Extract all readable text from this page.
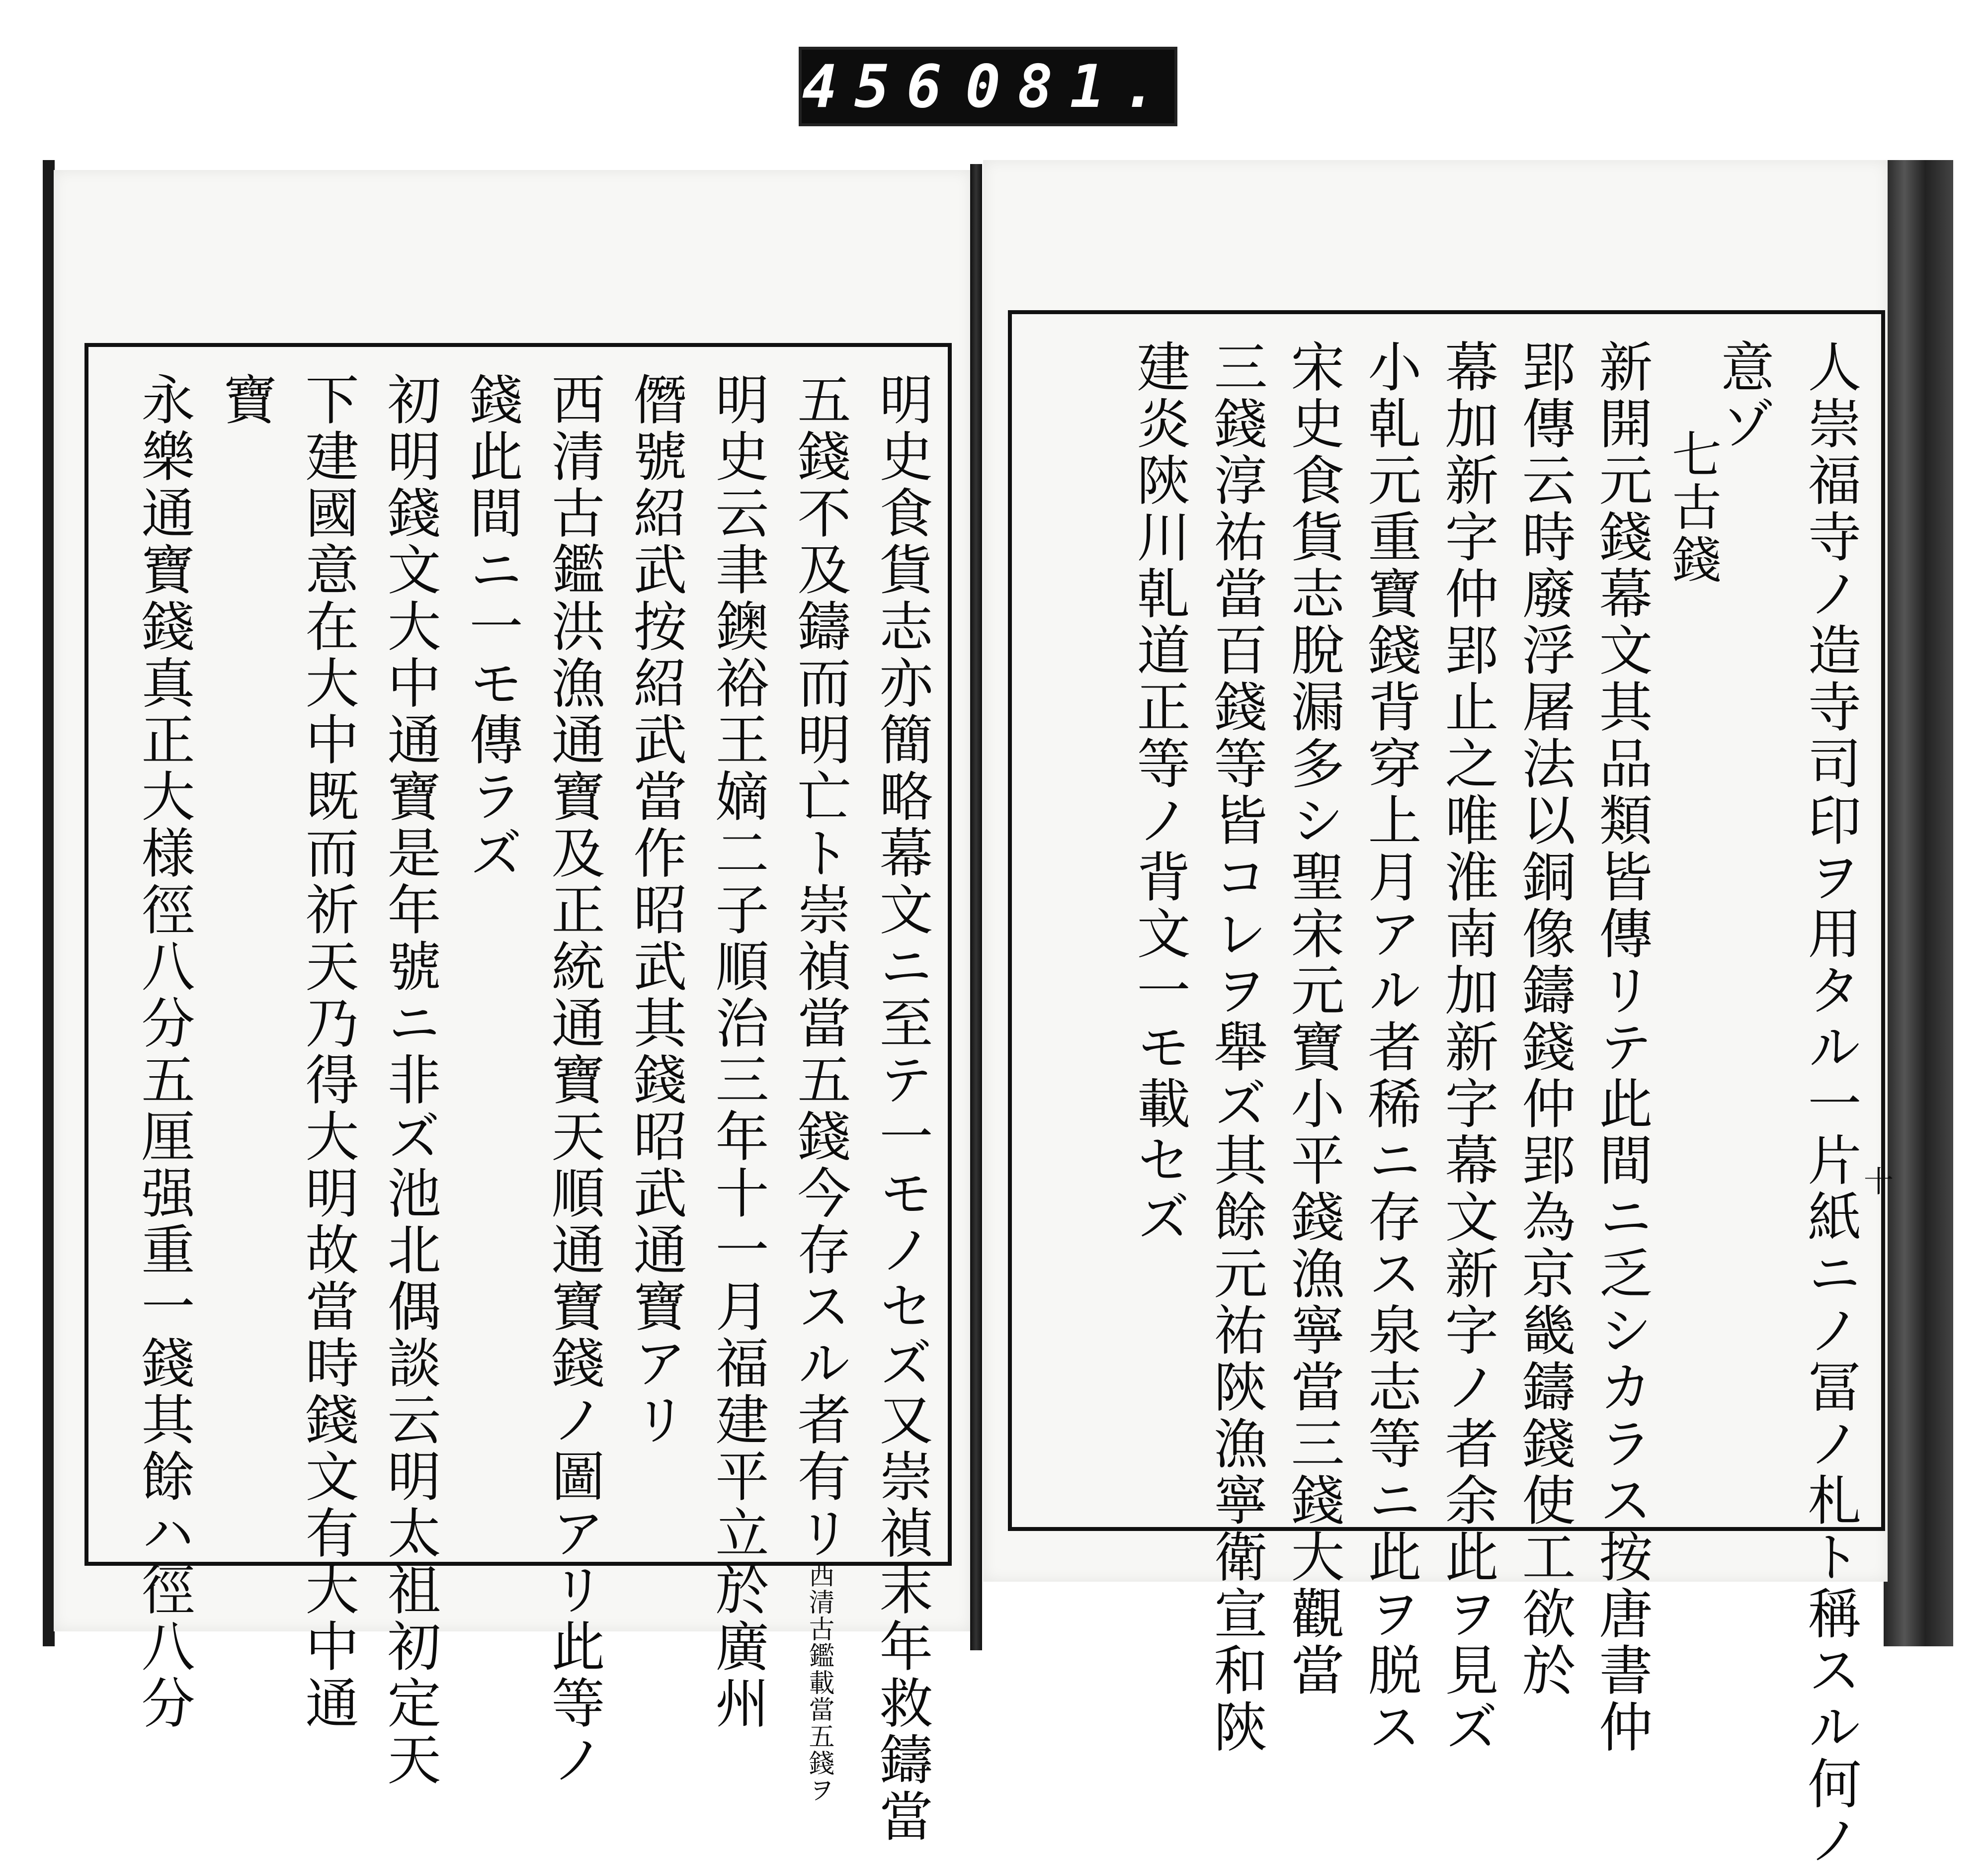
456 081.
明史食貨志亦簡略幕文ニ至テ一モノセズ又崇禎末年救鑄當
五錢不及鑄而明亡ト崇禎當五錢今存スル者有リ西清古鑑載當五錢ヲ
明史云聿鐭裕王嫡二子順治三年十一月福建平立於廣州
僭號紹武按紹武當作昭武其錢昭武通寶アリ
西清古鑑洪漁通寶及正統通寶天順通寶錢ノ圖アリ此等ノ
錢此間ニ一モ傳ラズ
初明錢文大中通寶是年號ニ非ズ池北偶談云明太祖初定天
下建國意在大中既而祈天乃得大明故當時錢文有大中通
寶
永樂通寶錢真正大様徑八分五厘强重一錢其餘ハ徑八分	人崇福寺ノ造寺司印ヲ用タル一片紙ニノ冨ノ札ト稱スル何ノ
意ゾ
七古錢
新開元錢幕文其品類皆傳リテ此間ニ乏シカラス按唐書仲
郢傳云時廢浮屠法以銅像鑄錢仲郢為京畿鑄錢使工欲於
幕加新字仲郢止之唯淮南加新字幕文新字ノ者余此ヲ見ズ
小乹元重寶錢背穿上月アル者稀ニ存ス泉志等ニ此ヲ脱ス
宋史食貨志脫漏多シ聖宋元寶小平錢漁寧當三錢大觀當
三錢淳祐當百錢等皆コレヲ舉ズ其餘元祐陝漁寧衛宣和陝
建炎陝川乹道正等ノ背文一モ載セズ	十
